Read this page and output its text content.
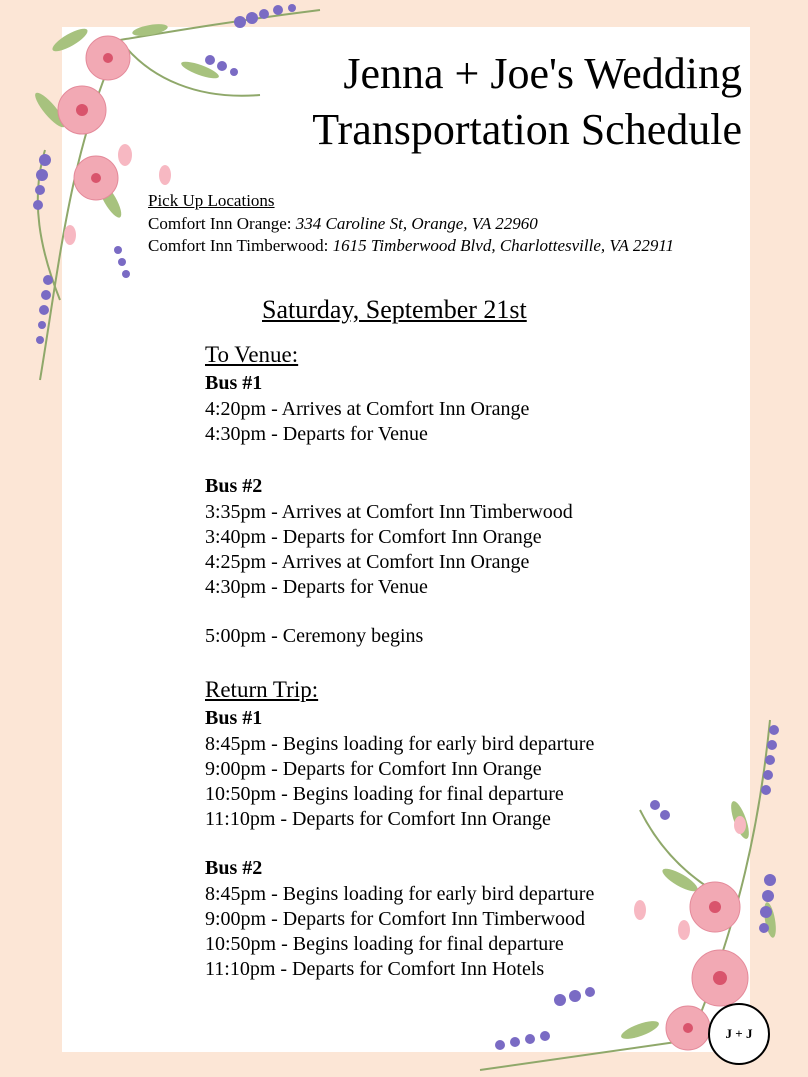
Jenna + Joe's Wedding
Transportation Schedule
Pick Up Locations
Comfort Inn Orange: 334 Caroline St, Orange, VA 22960
Comfort Inn Timberwood: 1615 Timberwood Blvd, Charlottesville, VA 22911
Saturday, September 21st
To Venue:
Bus #1
4:20pm - Arrives at Comfort Inn Orange
4:30pm - Departs for Venue
Bus #2
3:35pm - Arrives at Comfort Inn Timberwood
3:40pm - Departs for Comfort Inn Orange
4:25pm - Arrives at Comfort Inn Orange
4:30pm - Departs for Venue
5:00pm - Ceremony begins
Return Trip:
Bus #1
8:45pm - Begins loading for early bird departure
9:00pm - Departs for Comfort Inn Orange
10:50pm - Begins loading for final departure
11:10pm - Departs for Comfort Inn Orange
Bus #2
8:45pm - Begins loading for early bird departure
9:00pm - Departs for Comfort Inn Timberwood
10:50pm - Begins loading for final departure
11:10pm - Departs for Comfort Inn Hotels
J + J
